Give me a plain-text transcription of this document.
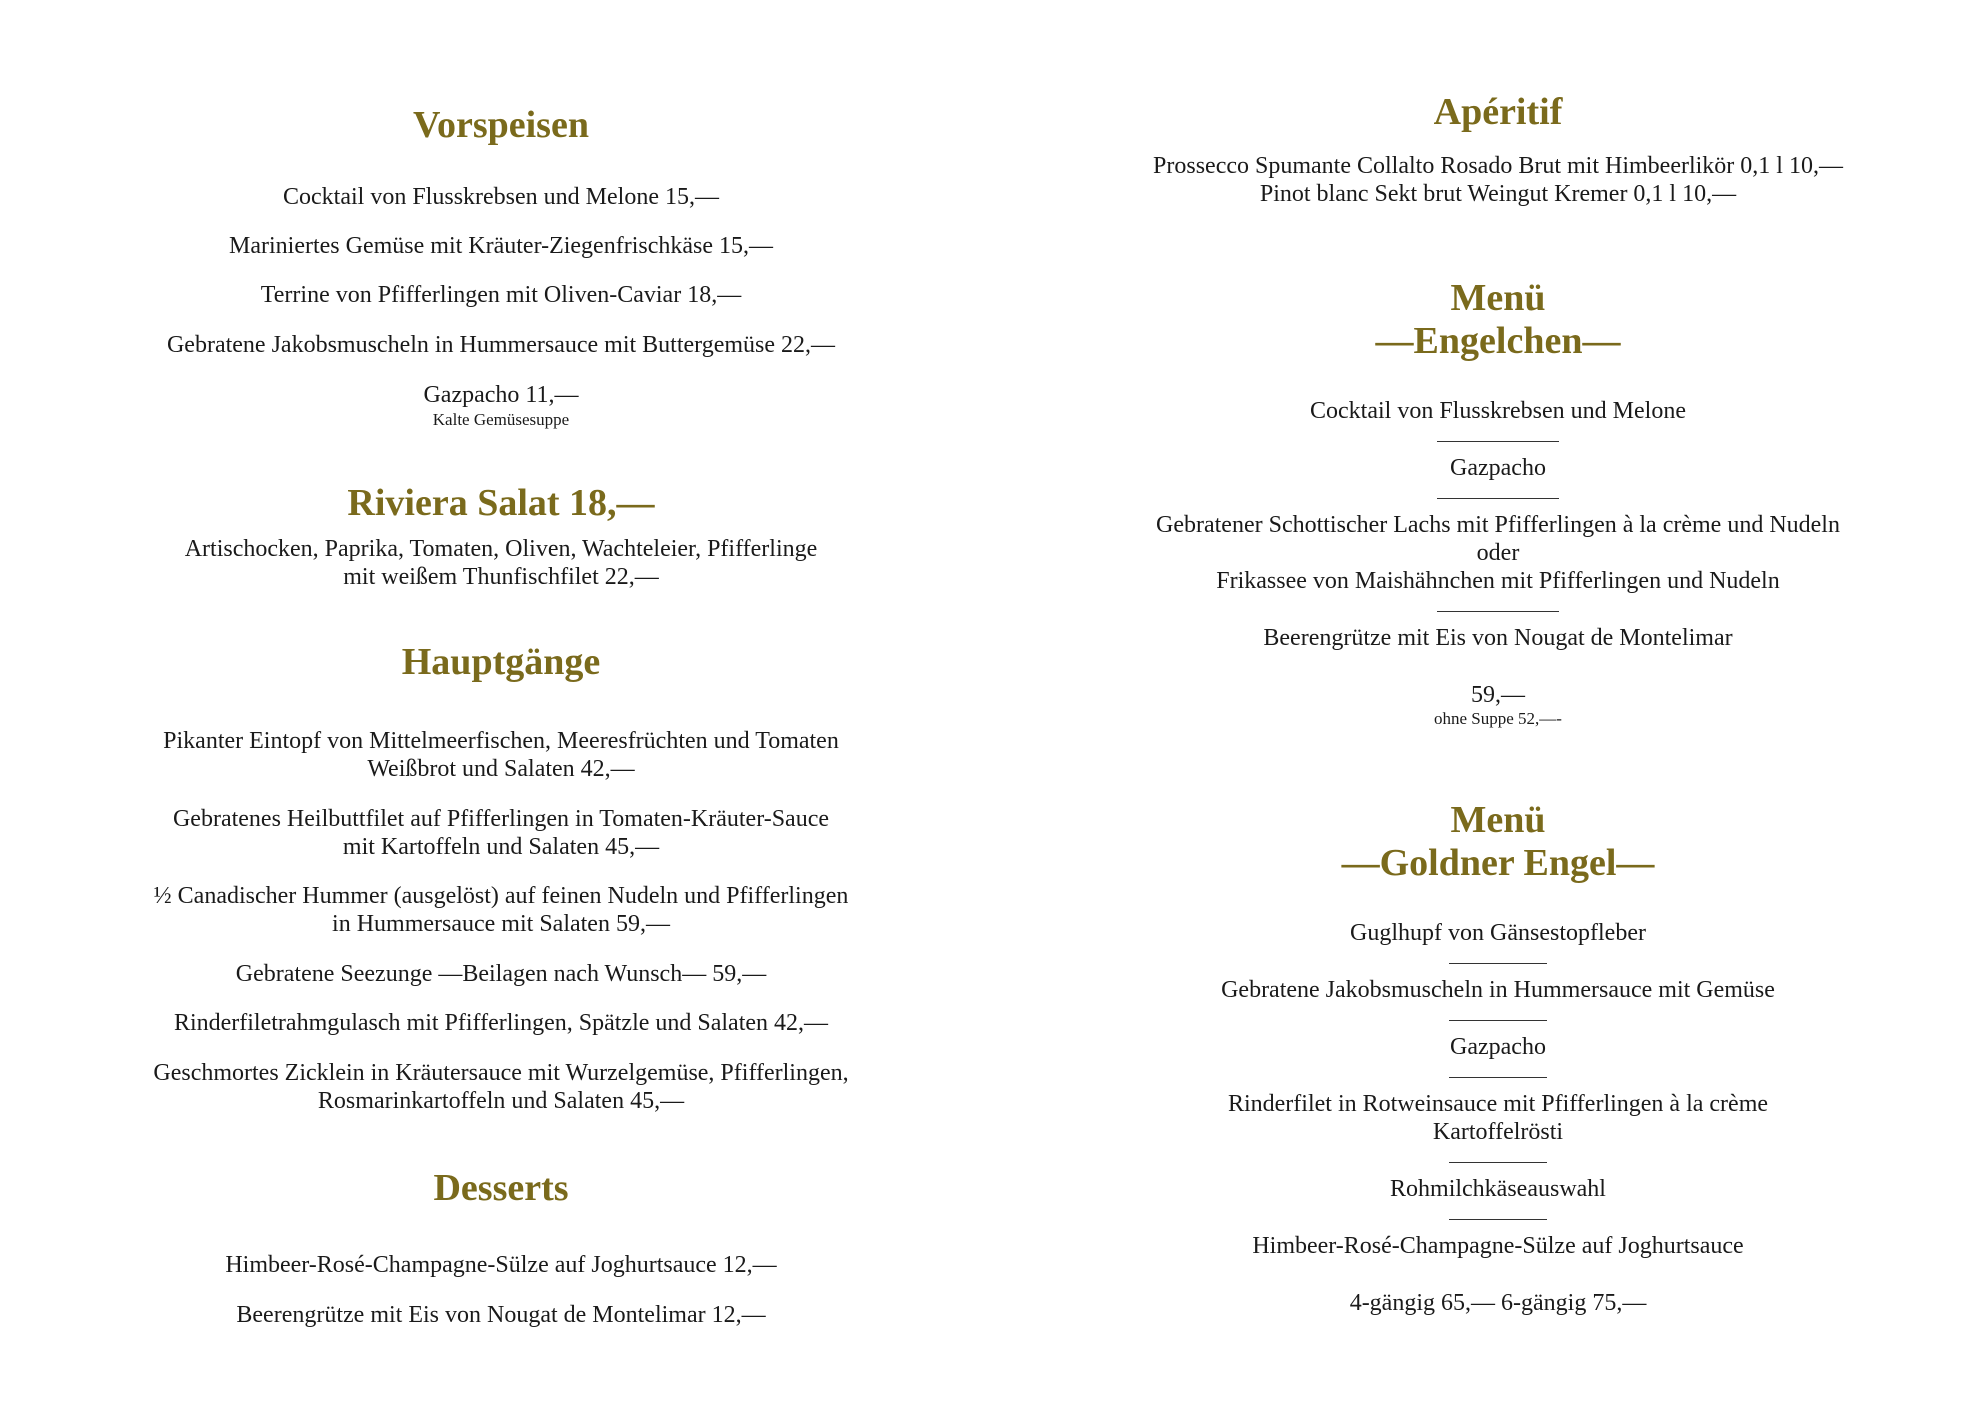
Vorspeisen

Cocktail von Flusskrebsen und Melone 15,—

Mariniertes Gemüse mit Kräuter-Ziegenfrischkäse 15,—

Terrine von Pfifferlingen mit Oliven-Caviar 18,—

Gebratene Jakobsmuscheln in Hummersauce mit Buttergemüse 22,—

Gazpacho 11,—

Kalte Gemüsesuppe

Riviera Salat 18,—

Artischocken, Paprika, Tomaten, Oliven, Wachteleier, Pfifferlinge

mit weißem Thunfischfilet 22,—

Hauptgänge

Pikanter Eintopf von Mittelmeerfischen, Meeresfrüchten und Tomaten

Weißbrot und Salaten 42,—

Gebratenes Heilbuttfilet auf Pfifferlingen in Tomaten-Kräuter-Sauce

mit Kartoffeln und Salaten 45,—

½ Canadischer Hummer (ausgelöst) auf feinen Nudeln und Pfifferlingen

in Hummersauce mit Salaten 59,—

Gebratene Seezunge —Beilagen nach Wunsch— 59,—

Rinderfiletrahmgulasch mit Pfifferlingen, Spätzle und Salaten 42,—

Geschmortes Zicklein in Kräutersauce mit Wurzelgemüse, Pfifferlingen,

Rosmarinkartoffeln und Salaten 45,—

Desserts

Himbeer-Rosé-Champagne-Sülze auf Joghurtsauce 12,—

Beerengrütze mit Eis von Nougat de Montelimar 12,—

Apéritif

Prossecco Spumante Collalto Rosado Brut mit Himbeerlikör 0,1 l 10,—

Pinot blanc Sekt brut Weingut Kremer 0,1 l 10,—

Menü
—Engelchen—

Cocktail von Flusskrebsen und Melone

Gazpacho

Gebratener Schottischer Lachs mit Pfifferlingen à la crème und Nudeln

oder

Frikassee von Maishähnchen mit Pfifferlingen und Nudeln

Beerengrütze mit Eis von Nougat de Montelimar

59,—

ohne Suppe 52,—-

Menü
—Goldner Engel—

Guglhupf von Gänsestopfleber

Gebratene Jakobsmuscheln in Hummersauce mit Gemüse

Gazpacho

Rinderfilet in Rotweinsauce mit Pfifferlingen à la crème

Kartoffelrösti

Rohmilchkäseauswahl

Himbeer-Rosé-Champagne-Sülze auf Joghurtsauce

4-gängig 65,— 6-gängig 75,—
